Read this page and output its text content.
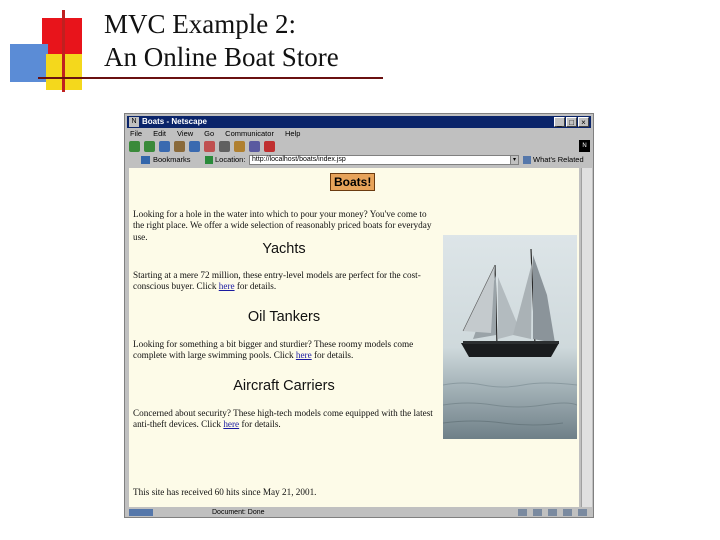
MVC Example 2:
An Online Boat Store
N Boats - Netscape	_ □ ×
File Edit View Go Communicator Help
N
Bookmarks	Location: http://localhost/boats/index.jsp	▾	What's Related
Boats!

Looking for a hole in the water into which to pour your money? You've come to the right place. We offer a wide selection of reasonably priced boats for everyday use.

Yachts

Starting at a mere 72 million, these entry-level models are perfect for the cost-conscious buyer. Click here for details.

Oil Tankers

Looking for something a bit bigger and sturdier? These roomy models come complete with large swimming pools. Click here for details.

Aircraft Carriers

Concerned about security? These high-tech models come equipped with the latest anti-theft devices. Click here for details.

This site has received 60 hits since May 21, 2001.

Document: Done
